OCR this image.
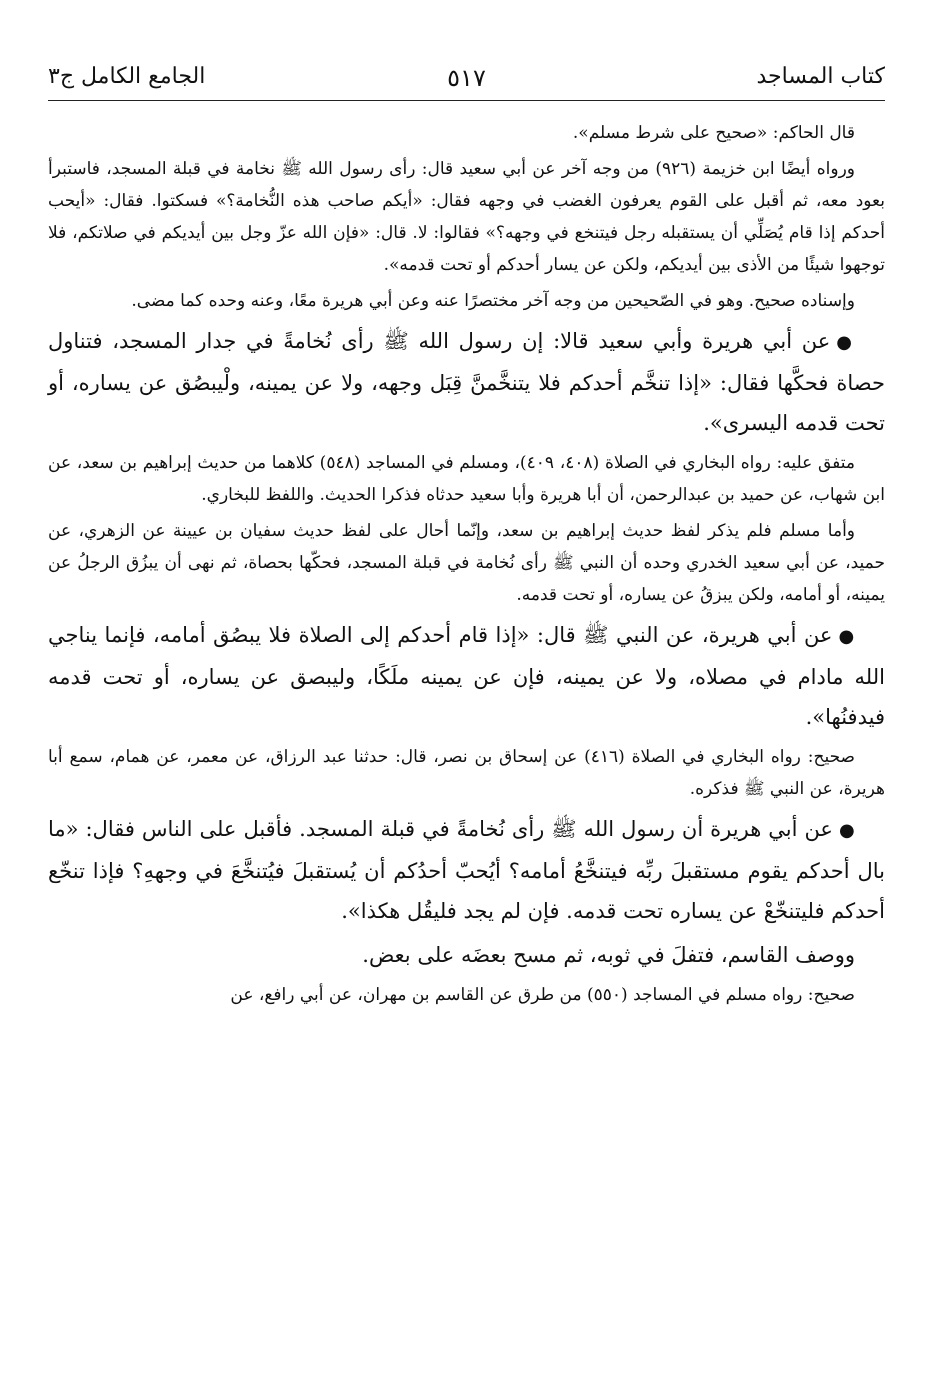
كتاب المساجد
٥١٧
الجامع الكامل ج٣

قال الحاكم: «صحيح على شرط مسلم».

ورواه أيضًا ابن خزيمة (٩٢٦) من وجه آخر عن أبي سعيد قال: رأى رسول الله ﷺ نخامة في قبلة المسجد، فاستبرأ بعود معه، ثم أقبل على القوم يعرفون الغضب في وجهه فقال: «أيكم صاحب هذه النُّخامة؟» فسكتوا. فقال: «أيحب أحدكم إذا قام يُصَلِّي أن يستقبله رجل فيتنخع في وجهه؟» فقالوا: لا. قال: «فإن الله عزّ وجل بين أيديكم في صلاتكم، فلا توجهوا شيئًا من الأذى بين أيديكم، ولكن عن يسار أحدكم أو تحت قدمه».

وإسناده صحيح. وهو في الصّحيحين من وجه آخر مختصرًا عنه وعن أبي هريرة معًا، وعنه وحده كما مضى.

●عن أبي هريرة وأبي سعيد قالا: إن رسول الله ﷺ رأى نُخامةً في جدار المسجد، فتناول حصاة فحكَّها فقال: «إذا تنخَّم أحدكم فلا يتنخَّمنَّ قِبَل وجهه، ولا عن يمينه، ولْيبصُق عن يساره، أو تحت قدمه اليسرى».

متفق عليه: رواه البخاري في الصلاة (٤٠٨، ٤٠٩)، ومسلم في المساجد (٥٤٨) كلاهما من حديث إبراهيم بن سعد، عن ابن شهاب، عن حميد بن عبدالرحمن، أن أبا هريرة وأبا سعيد حدثاه فذكرا الحديث. واللفظ للبخاري.

وأما مسلم فلم يذكر لفظ حديث إبراهيم بن سعد، وإنّما أحال على لفظ حديث سفيان بن عيينة عن الزهري، عن حميد، عن أبي سعيد الخدري وحده أن النبي ﷺ رأى نُخامة في قبلة المسجد، فحكّها بحصاة، ثم نهى أن يبزُق الرجلُ عن يمينه، أو أمامه، ولكن يبزقُ عن يساره، أو تحت قدمه.

●عن أبي هريرة، عن النبي ﷺ قال: «إذا قام أحدكم إلى الصلاة فلا يبصُق أمامه، فإنما يناجي الله مادام في مصلاه، ولا عن يمينه، فإن عن يمينه ملَكًا، وليبصق عن يساره، أو تحت قدمه فيدفنُها».

صحيح: رواه البخاري في الصلاة (٤١٦) عن إسحاق بن نصر، قال: حدثنا عبد الرزاق، عن معمر، عن همام، سمع أبا هريرة، عن النبي ﷺ فذكره.

●عن أبي هريرة أن رسول الله ﷺ رأى نُخامةً في قبلة المسجد. فأقبل على الناس فقال: «ما بال أحدكم يقوم مستقبلَ ربِّه فيتنخَّعُ أمامه؟ أيُحبّ أحدُكم أن يُستقبلَ فيُتنخَّعَ في وجههِ؟ فإذا تنخّع أحدكم فليتنخّعْ عن يساره تحت قدمه. فإن لم يجد فليقُل هكذا».

ووصف القاسم، فتفلَ في ثوبه، ثم مسح بعضَه على بعض.

صحيح: رواه مسلم في المساجد (٥٥٠) من طرق عن القاسم بن مهران، عن أبي رافع، عن
